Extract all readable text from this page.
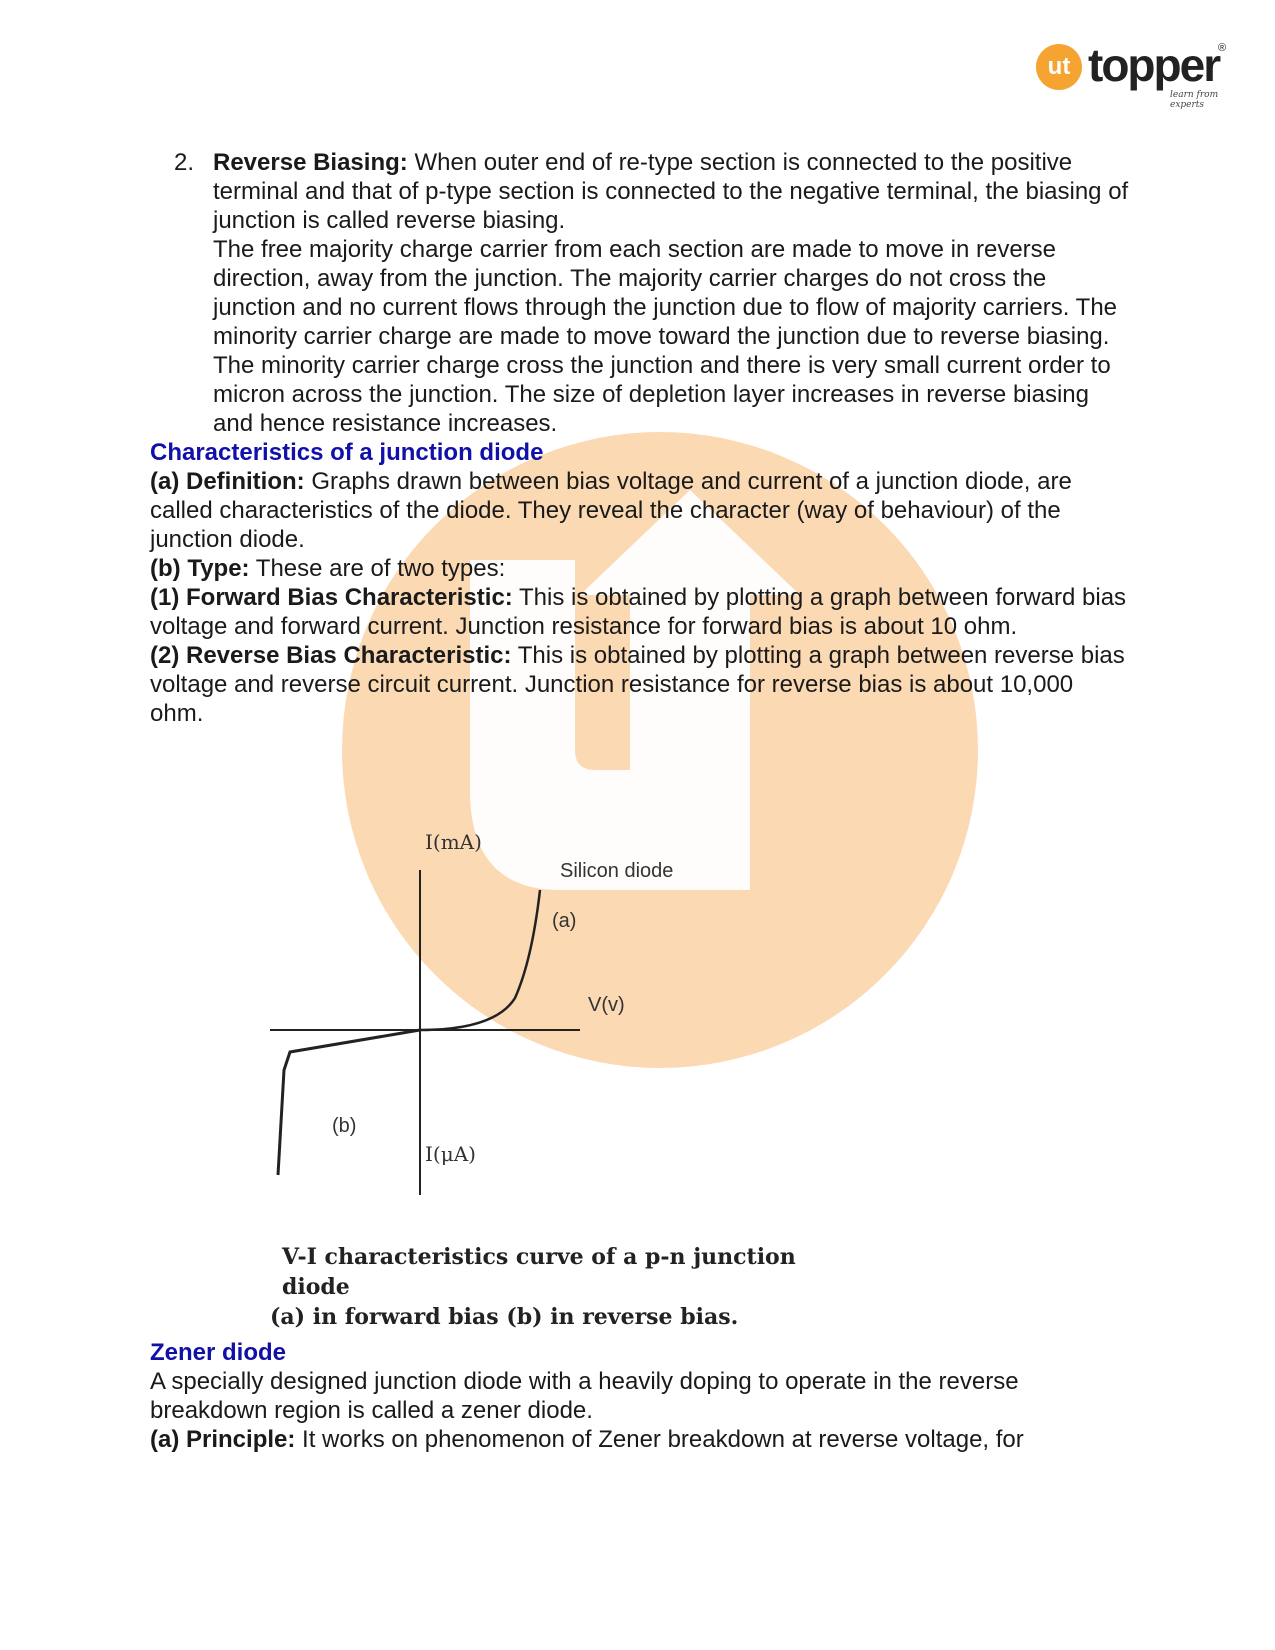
ut topper
®
learn from experts
2. Reverse Biasing: When outer end of re-type section is connected to the positive terminal and that of p-type section is connected to the negative terminal, the biasing of junction is called reverse biasing.

The free majority charge carrier from each section are made to move in reverse direction, away from the junction. The majority carrier charges do not cross the junction and no current flows through the junction due to flow of majority carriers. The minority carrier charge are made to move toward the junction due to reverse biasing. The minority carrier charge cross the junction and there is very small current order to micron across the junction. The size of depletion layer increases in reverse biasing and hence resistance increases.

Characteristics of a junction diode

(a) Definition: Graphs drawn between bias voltage and current of a junction diode, are called characteristics of the diode. They reveal the character (way of behaviour) of the junction diode.

(b) Type: These are of two types:

(1) Forward Bias Characteristic: This is obtained by plotting a graph between forward bias voltage and forward current. Junction resistance for forward bias is about 10 ohm.

(2) Reverse Bias Characteristic: This is obtained by plotting a graph between reverse bias voltage and reverse circuit current. Junction resistance for reverse bias is about 10,000 ohm.

I(mA)
Silicon diode
(a)
V(v)
(b)
I(μA)
V-I characteristics curve of a p-n junction diode
(a) in forward bias (b) in reverse bias.

Zener diode

A specially designed junction diode with a heavily doping to operate in the reverse breakdown region is called a zener diode.

(a) Principle: It works on phenomenon of Zener breakdown at reverse voltage, for
